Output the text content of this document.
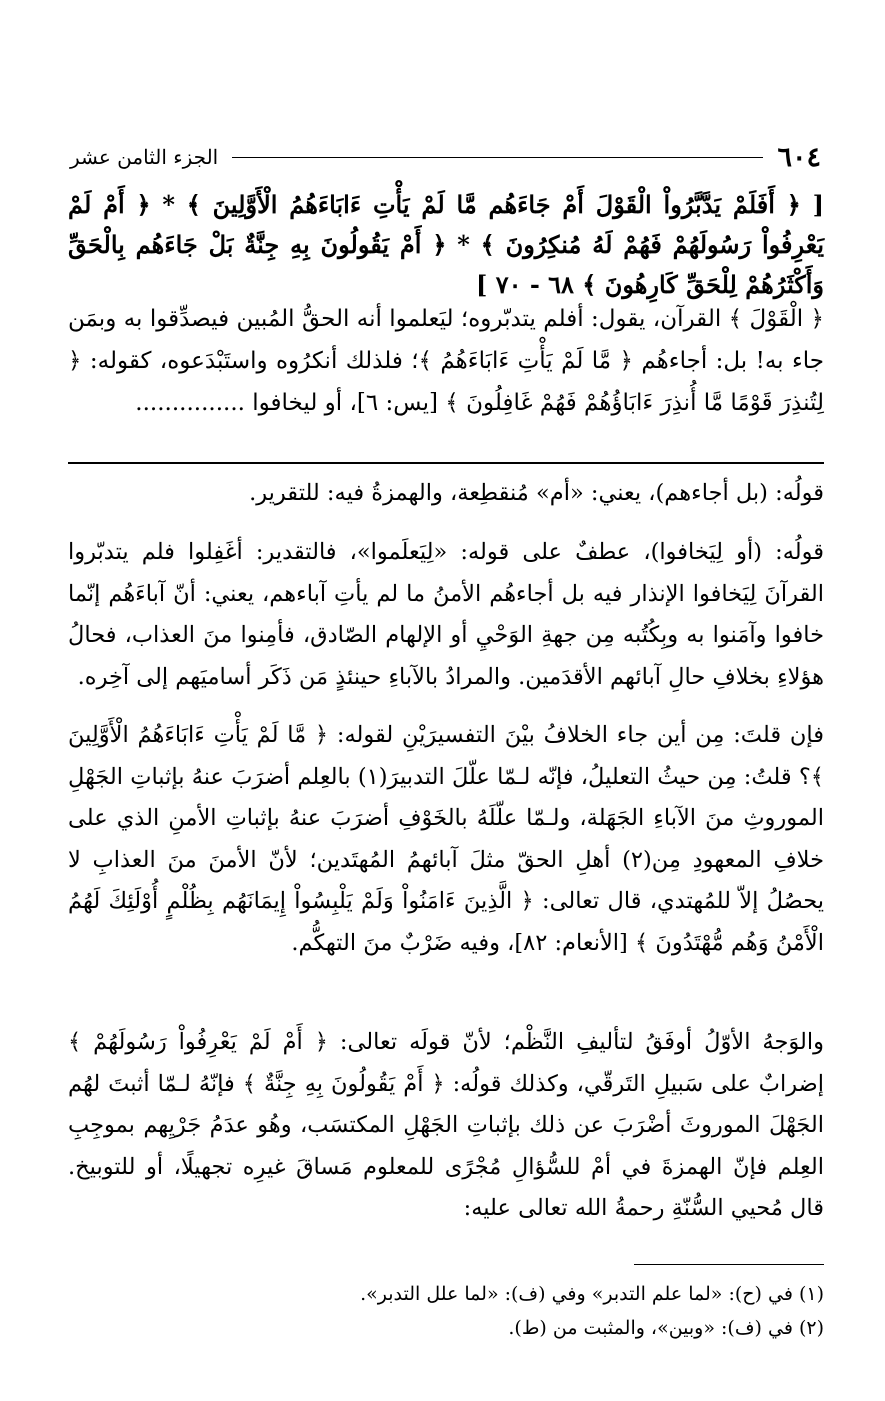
٦٠٤
الجزء الثامن عشر
[ ﴿ أَفَلَمْ يَدَّبَّرُواْ الْقَوْلَ أَمْ جَاءَهُم مَّا لَمْ يَأْتِ ءَابَاءَهُمُ الْأَوَّلِينَ ﴾ * ﴿ أَمْ لَمْ يَعْرِفُواْ رَسُولَهُمْ فَهُمْ لَهُ مُنكِرُونَ ﴾ * ﴿ أَمْ يَقُولُونَ بِهِ جِنَّةٌ بَلْ جَاءَهُم بِالْحَقِّ وَأَكْثَرُهُمْ لِلْحَقِّ كَارِهُونَ ﴾ ٦٨ - ٧٠ ]
﴿ الْقَوْلَ ﴾ القرآن، يقول: أفلم يتدبّروه؛ ليَعلموا أنه الحقُّ المُبين فيصدِّقوا به وبمَن جاء به! بل: أجاءهُم ﴿ مَّا لَمْ يَأْتِ ءَابَاءَهُمُ ﴾؛ فلذلك أنكرُوه واستَبْدَعوه، كقوله: ﴿ لِتُنذِرَ قَوْمًا مَّا أُنذِرَ ءَابَاؤُهُمْ فَهُمْ غَافِلُونَ ﴾ [يس: ٦]، أو ليخافوا ...............
قولُه: (بل أجاءهم)، يعني: «أم» مُنقطِعة، والهمزةُ فيه: للتقرير.
قولُه: (أو لِيَخافوا)، عطفٌ على قوله: «لِيَعلَموا»، فالتقدير: أغَفِلوا فلم يتدبّروا القرآنَ لِيَخافوا الإنذار فيه بل أجاءهُم الأمنُ ما لم يأتِ آباءهم، يعني: أنّ آباءَهُم إنّما خافوا وآمَنوا به وبِكُتُبه مِن جهةِ الوَحْيِ أو الإلهام الصّادق، فأمِنوا منَ العذاب، فحالُ هؤلاءِ بخلافِ حالِ آبائهم الأقدَمين. والمرادُ بالآباءِ حينئذٍ مَن ذَكَر أساميَهم إلى آخِره.
فإن قلتَ: مِن أين جاء الخلافُ بيْنَ التفسيرَيْنِ لقوله: ﴿ مَّا لَمْ يَأْتِ ءَابَاءَهُمُ الْأَوَّلِينَ ﴾؟ قلتُ: مِن حيثُ التعليلُ، فإنّه لـمّا علّلَ التدبيرَ(١) بالعِلم أضرَبَ عنهُ بإثباتِ الجَهْلِ الموروثِ منَ الآباءِ الجَهَلة، ولـمّا علّلَهُ بالخَوْفِ أضرَبَ عنهُ بإثباتِ الأمنِ الذي على خلافِ المعهودِ مِن(٢) أهلِ الحقّ مثلَ آبائهمُ المُهتَدين؛ لأنّ الأمنَ منَ العذابِ لا يحصُلُ إلاّ للمُهتدي، قال تعالى: ﴿ الَّذِينَ ءَامَنُواْ وَلَمْ يَلْبِسُواْ إِيمَانَهُم بِظُلْمٍ أُوْلَئِكَ لَهُمُ الْأَمْنُ وَهُم مُّهْتَدُونَ ﴾ [الأنعام: ٨٢]، وفيه ضَرْبٌ منَ التهكُّم.
والوَجهُ الأوّلُ أوفَقُ لتأليفِ النَّظْم؛ لأنّ قولَه تعالى: ﴿ أَمْ لَمْ يَعْرِفُواْ رَسُولَهُمْ ﴾ إضرابٌ على سَبيلِ التَرقّي، وكذلك قولُه: ﴿ أَمْ يَقُولُونَ بِهِ جِنَّةٌ ﴾ فإنّهُ لـمّا أثبتَ لهُم الجَهْلَ الموروثَ أضْرَبَ عن ذلك بإثباتِ الجَهْلِ المكتسَب، وهُو عدَمُ جَرْيِهم بموجِبِ العِلم فإنّ الهمزةَ في أمْ للسُّؤالِ مُجْرًى للمعلوم مَساقَ غيرِه تجهيلًا، أو للتوبيخ. قال مُحيي السُّنّةِ رحمةُ الله تعالى عليه:
(١) في (ح): «لما علم التدبر» وفي (ف): «لما علل التدبر».
(٢) في (ف): «وبين»، والمثبت من (ط).
